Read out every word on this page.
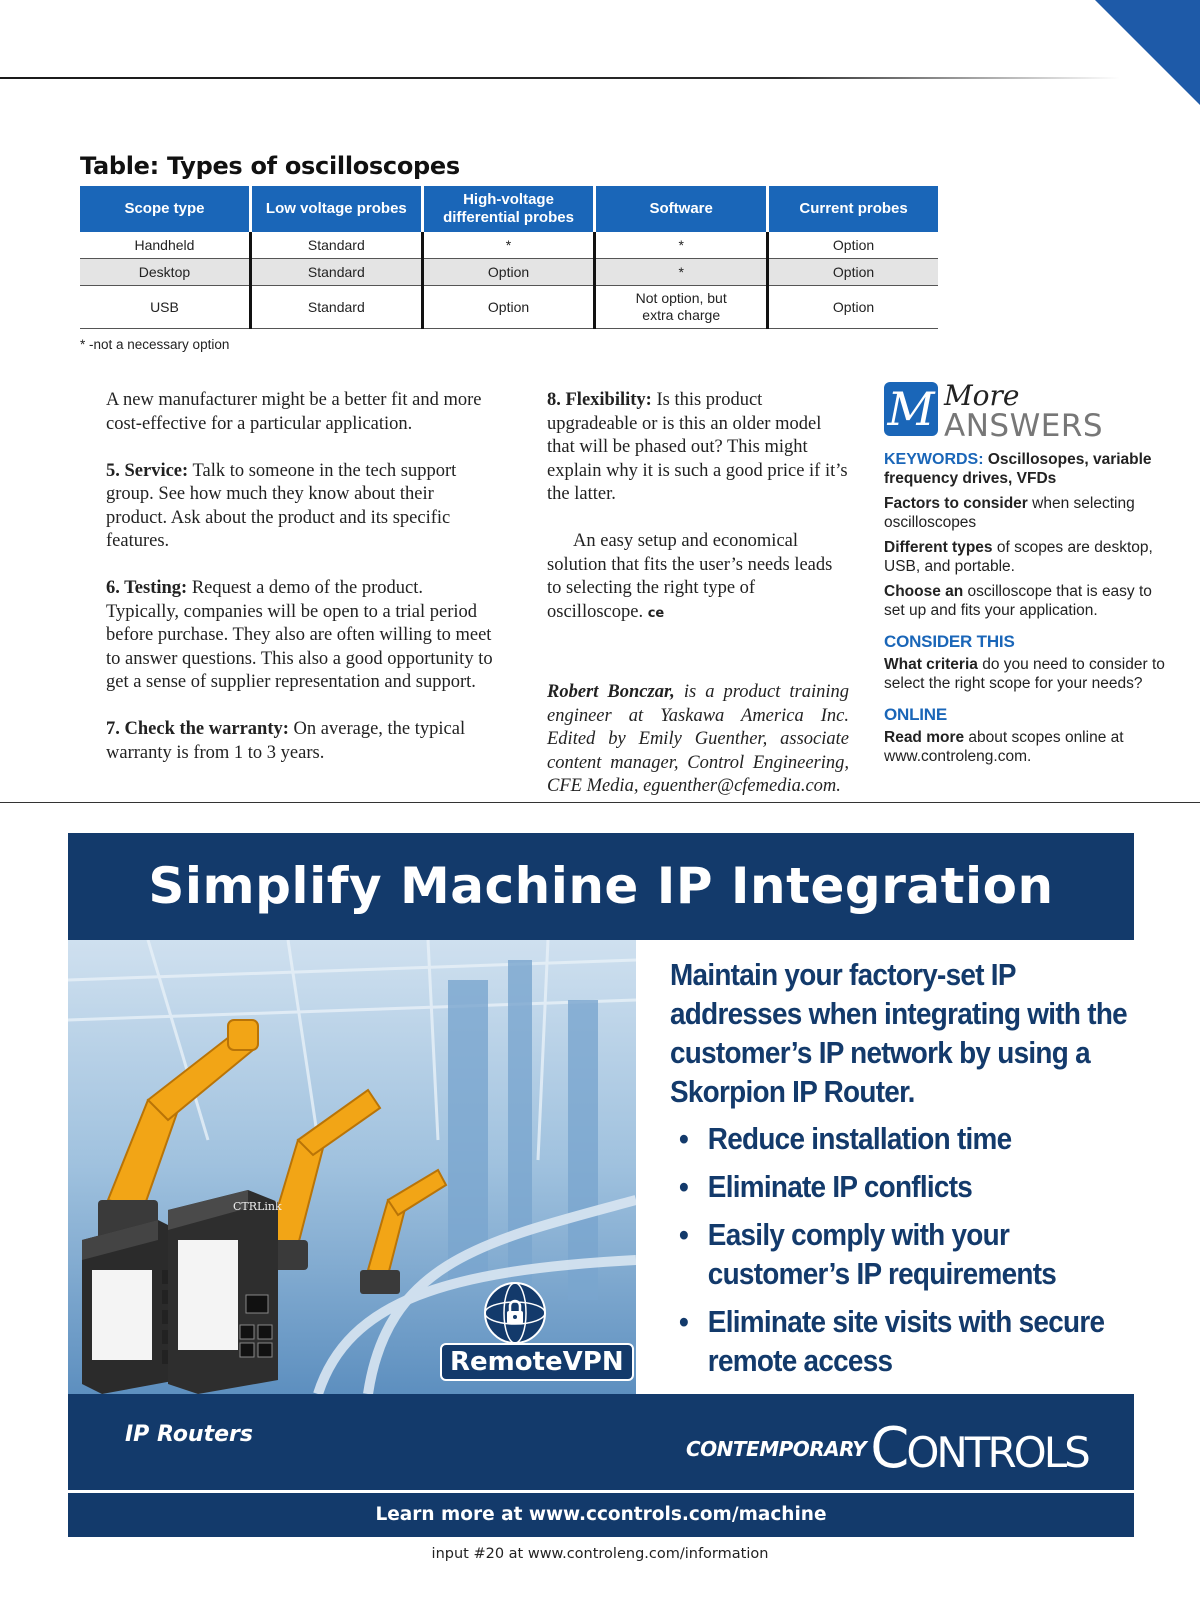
Table: Types of oscilloscopes
Scope type	Low voltage probes	High-voltage differential probes	Software	Current probes
Handheld	Standard	*	*	Option
Desktop	Standard	Option	*	Option
USB	Standard	Option	Not option, but extra charge	Option
* -not a necessary option

A new manufacturer might be a better fit and more cost-effective for a particular application.

5. Service: Talk to someone in the tech support group. See how much they know about their product. Ask about the product and its specific features.

6. Testing: Request a demo of the product. Typically, companies will be open to a trial period before purchase. They also are often willing to meet to answer questions. This also a good opportunity to get a sense of supplier representation and support.

7. Check the warranty: On average, the typical warranty is from 1 to 3 years.

8. Flexibility: Is this product upgradeable or is this an older model that will be phased out? This might explain why it is such a good price if it’s the latter.

An easy setup and economical solution that fits the user’s needs leads to selecting the right type of oscilloscope. ce

Robert Bonczar, is a product training engineer at Yaskawa America Inc. Edited by Emily Guenther, associate content manager, Control Engineering, CFE Media, eguenther@cfemedia.com.

M More
ANSWERS
KEYWORDS: Oscillosopes, variable frequency drives, VFDs
Factors to consider when selecting oscilloscopes
Different types of scopes are desktop, USB, and portable.
Choose an oscilloscope that is easy to set up and fits your application.
CONSIDER THIS
What criteria do you need to consider to select the right scope for your needs?
ONLINE
Read more about scopes online at www.controleng.com.
Simplify Machine IP Integration
CTRLink
RemoteVPN
Maintain your factory-set IP addresses when integrating with the customer’s IP network by using a Skorpion IP Router.
• Reduce installation time
• Eliminate IP conflicts
• Easily comply with your customer’s IP requirements
• Eliminate site visits with secure remote access
IP Routers
CONTEMPORARY CONTROLS
Learn more at www.ccontrols.com/machine
input #20 at www.controleng.com/information
